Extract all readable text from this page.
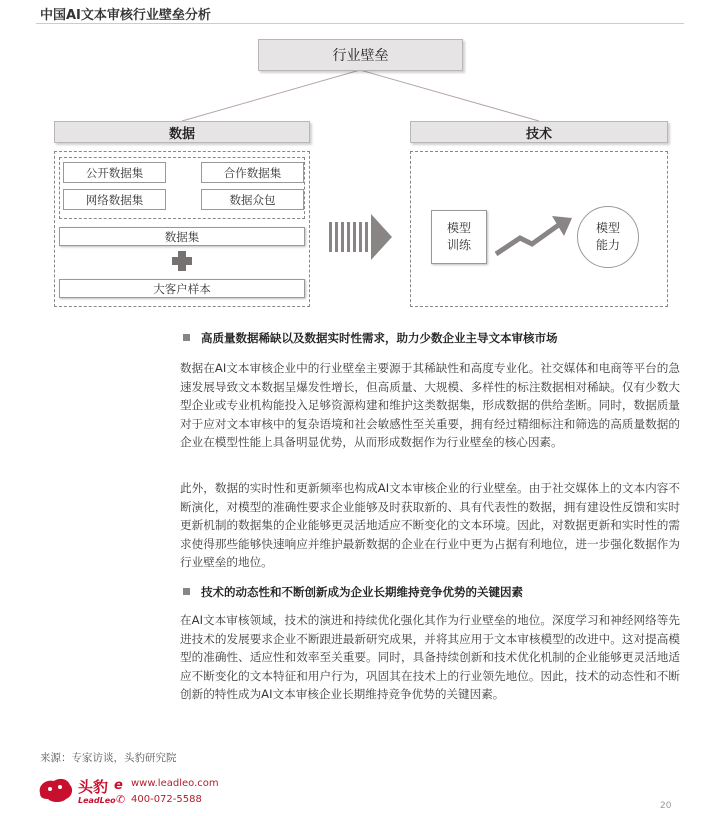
中国AI文本审核行业壁垒分析
行业壁垒
数据	技术
公开数据集	合作数据集
网络数据集	数据众包
数据集
大客户样本
模型 训练
模型 能力
高质量数据稀缺以及数据实时性需求，助力少数企业主导文本审核市场

数据在AI文本审核企业中的行业壁垒主要源于其稀缺性和高度专业化。社交媒体和电商等平台的急速发展导致文本数据呈爆发性增长，但高质量、大规模、多样性的标注数据相对稀缺。仅有少数大型企业或专业机构能投入足够资源构建和维护这类数据集，形成数据的供给垄断。同时，数据质量对于应对文本审核中的复杂语境和社会敏感性至关重要，拥有经过精细标注和筛选的高质量数据的企业在模型性能上具备明显优势，从而形成数据作为行业壁垒的核心因素。

此外，数据的实时性和更新频率也构成AI文本审核企业的行业壁垒。由于社交媒体上的文本内容不断演化，对模型的准确性要求企业能够及时获取新的、具有代表性的数据，拥有建设性反馈和实时更新机制的数据集的企业能够更灵活地适应不断变化的文本环境。因此，对数据更新和实时性的需求使得那些能够快速响应并维护最新数据的企业在行业中更为占据有利地位，进一步强化数据作为行业壁垒的地位。

技术的动态性和不断创新成为企业长期维持竞争优势的关键因素

在AI文本审核领域，技术的演进和持续优化强化其作为行业壁垒的地位。深度学习和神经网络等先进技术的发展要求企业不断跟进最新研究成果，并将其应用于文本审核模型的改进中。这对提高模型的准确性、适应性和效率至关重要。同时，具备持续创新和技术优化机制的企业能够更灵活地适应不断变化的文本特征和用户行为，巩固其在技术上的行业领先地位。因此，技术的动态性和不断创新的特性成为AI文本审核企业长期维持竞争优势的关键因素。

来源：专家访谈，头豹研究院
头豹
LeadLeo
e www.leadleo.com
✆ 400-072-5588
20
